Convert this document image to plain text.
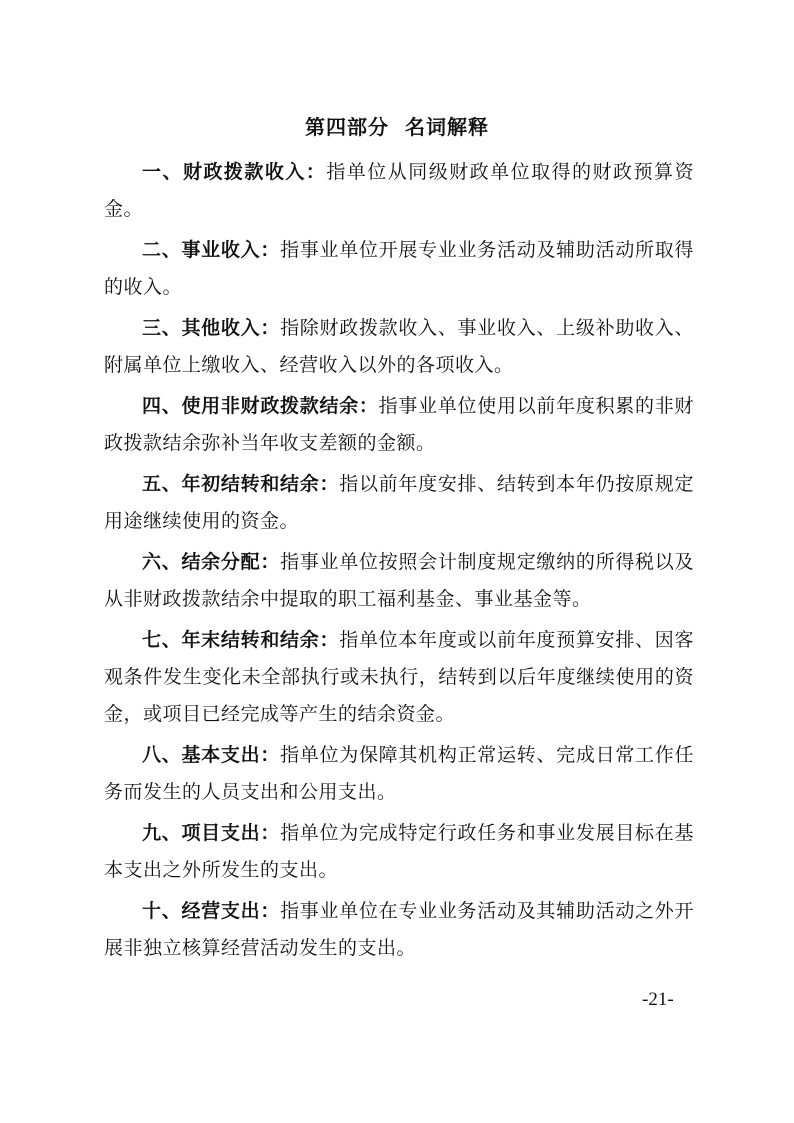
第四部分  名词解释

一、财政拨款收入：指单位从同级财政单位取得的财政预算资金。

二、事业收入：指事业单位开展专业业务活动及辅助活动所取得的收入。

三、其他收入：指除财政拨款收入、事业收入、上级补助收入、附属单位上缴收入、经营收入以外的各项收入。

四、使用非财政拨款结余：指事业单位使用以前年度积累的非财政拨款结余弥补当年收支差额的金额。

五、年初结转和结余：指以前年度安排、结转到本年仍按原规定用途继续使用的资金。

六、结余分配：指事业单位按照会计制度规定缴纳的所得税以及从非财政拨款结余中提取的职工福利基金、事业基金等。

七、年末结转和结余：指单位本年度或以前年度预算安排、因客观条件发生变化未全部执行或未执行，结转到以后年度继续使用的资金，或项目已经完成等产生的结余资金。

八、基本支出：指单位为保障其机构正常运转、完成日常工作任务而发生的人员支出和公用支出。

九、项目支出：指单位为完成特定行政任务和事业发展目标在基本支出之外所发生的支出。

十、经营支出：指事业单位在专业业务活动及其辅助活动之外开展非独立核算经营活动发生的支出。

-21-
